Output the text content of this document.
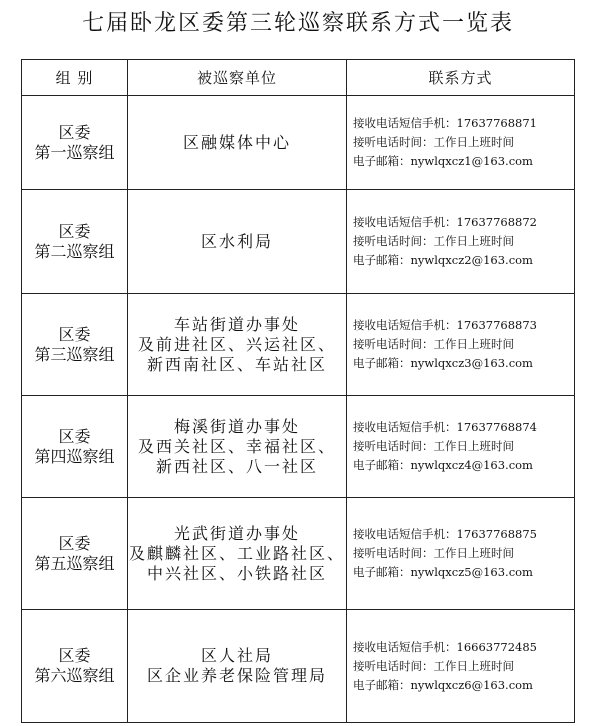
七届卧龙区委第三轮巡察联系方式一览表
组 别	被巡察单位	联系方式

区委
第一巡察组	区融媒体中心	接收电话短信手机：17637768871
接听电话时间：工作日上班时间
电子邮箱：nywlqxcz1@163.com

区委
第二巡察组	区水利局	接收电话短信手机：17637768872
接听电话时间：工作日上班时间
电子邮箱：nywlqxcz2@163.com

区委
第三巡察组	车站街道办事处
及前进社区、兴运社区、
新西南社区、车站社区	接收电话短信手机：17637768873
接听电话时间：工作日上班时间
电子邮箱：nywlqxcz3@163.com

区委
第四巡察组	梅溪街道办事处
及西关社区、幸福社区、
新西社区、八一社区	接收电话短信手机：17637768874
接听电话时间：工作日上班时间
电子邮箱：nywlqxcz4@163.com

区委
第五巡察组	光武街道办事处
及麒麟社区、工业路社区、
中兴社区、小铁路社区	接收电话短信手机：17637768875
接听电话时间：工作日上班时间
电子邮箱：nywlqxcz5@163.com

区委
第六巡察组	区人社局
区企业养老保险管理局	接收电话短信手机：16663772485
接听电话时间：工作日上班时间
电子邮箱：nywlqxcz6@163.com
